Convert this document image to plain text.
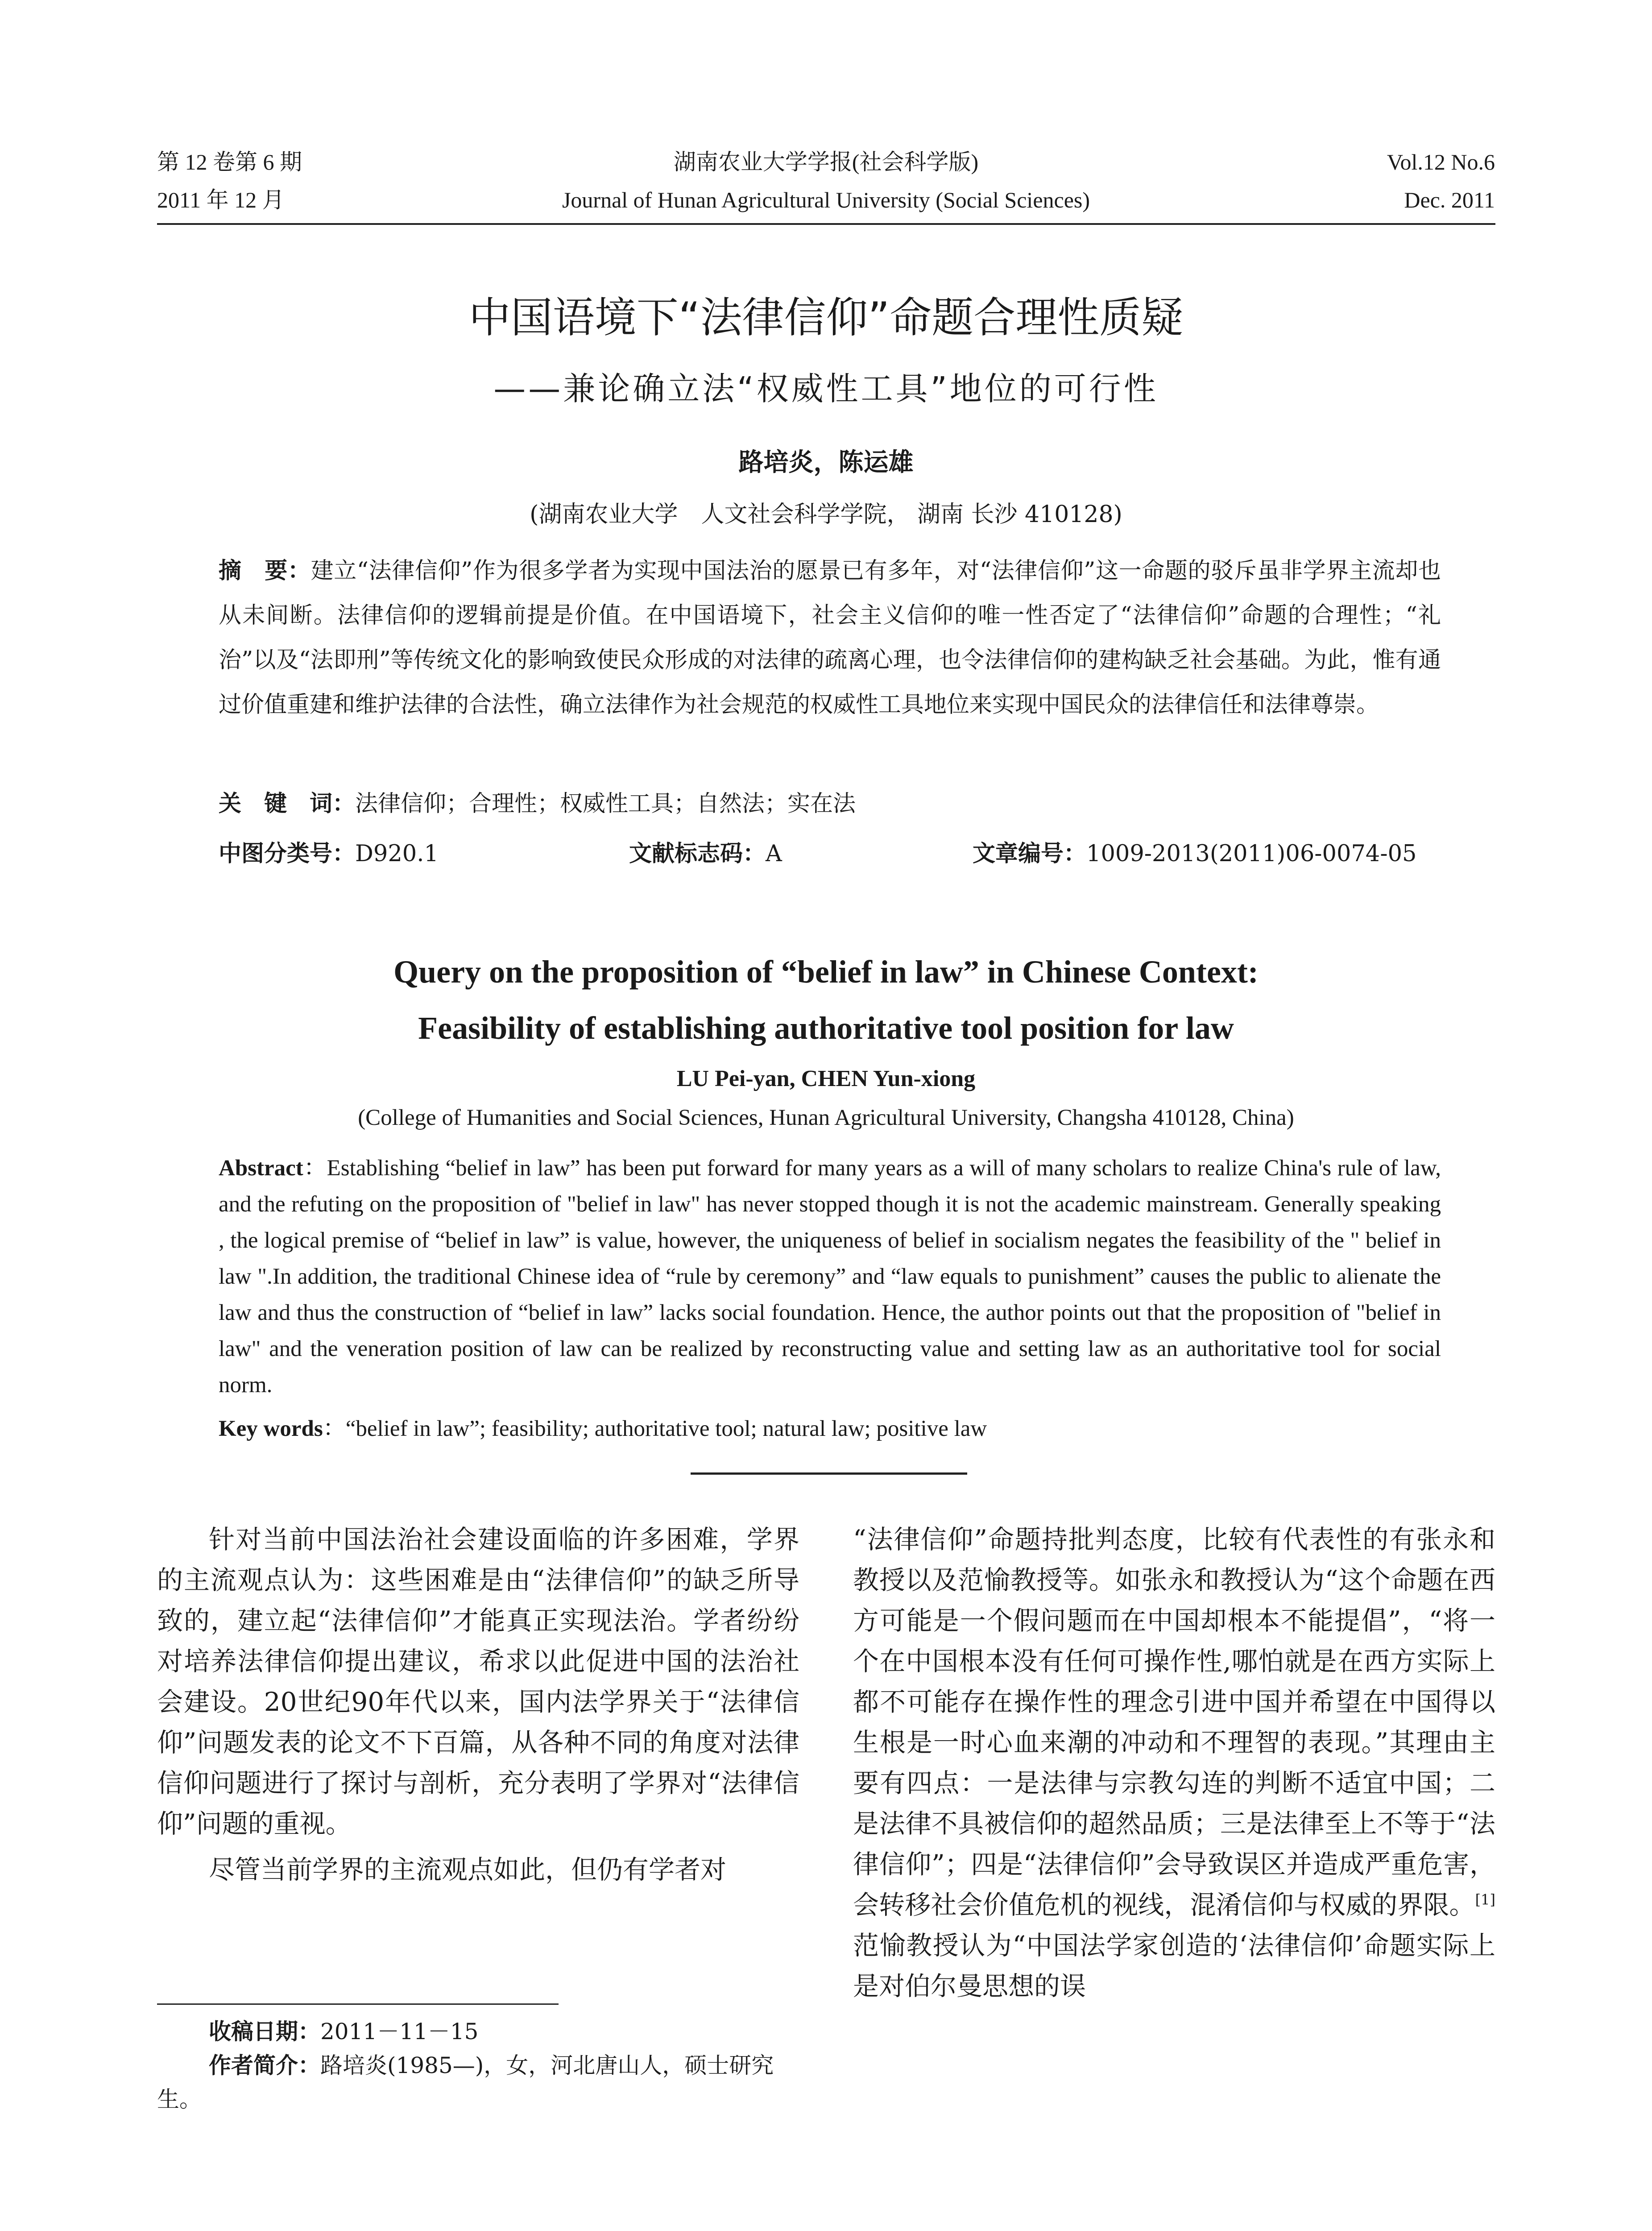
第 12 卷第 6 期
2011 年 12 月
湖南农业大学学报(社会科学版)
Journal of Hunan Agricultural University (Social Sciences)
Vol.12 No.6
Dec. 2011
中国语境下“法律信仰”命题合理性质疑
——兼论确立法“权威性工具”地位的可行性
路培炎，陈运雄
(湖南农业大学　人文社会科学学院， 湖南 长沙 410128)
摘　要：建立“法律信仰”作为很多学者为实现中国法治的愿景已有多年，对“法律信仰”这一命题的驳斥虽非学界主流却也从未间断。法律信仰的逻辑前提是价值。在中国语境下，社会主义信仰的唯一性否定了“法律信仰”命题的合理性；“礼治”以及“法即刑”等传统文化的影响致使民众形成的对法律的疏离心理，也令法律信仰的建构缺乏社会基础。为此，惟有通过价值重建和维护法律的合法性，确立法律作为社会规范的权威性工具地位来实现中国民众的法律信任和法律尊崇。
关　键　词：法律信仰；合理性；权威性工具；自然法；实在法
中图分类号：D920.1	文献标志码：A	文章编号：1009-2013(2011)06-0074-05
Query on the proposition of “belief in law” in Chinese Context:
Feasibility of establishing authoritative tool position for law
LU Pei-yan, CHEN Yun-xiong
(College of Humanities and Social Sciences, Hunan Agricultural University, Changsha 410128, China)
Abstract：Establishing “belief in law” has been put forward for many years as a will of many scholars to realize China's rule of law, and the refuting on the proposition of "belief in law" has never stopped though it is not the academic mainstream. Generally speaking , the logical premise of “belief in law” is value, however, the uniqueness of belief in socialism negates the feasibility of the " belief in law ".In addition, the traditional Chinese idea of “rule by ceremony” and “law equals to punishment” causes the public to alienate the law and thus the construction of “belief in law” lacks social foundation. Hence, the author points out that the proposition of "belief in law" and the veneration position of law can be realized by reconstructing value and setting law as an authoritative tool for social norm.
Key words：“belief in law”; feasibility; authoritative tool; natural law; positive law

针对当前中国法治社会建设面临的许多困难，学界的主流观点认为：这些困难是由“法律信仰”的缺乏所导致的，建立起“法律信仰”才能真正实现法治。学者纷纷对培养法律信仰提出建议，希求以此促进中国的法治社会建设。20世纪90年代以来，国内法学界关于“法律信仰”问题发表的论文不下百篇，从各种不同的角度对法律信仰问题进行了探讨与剖析，充分表明了学界对“法律信仰”问题的重视。

尽管当前学界的主流观点如此，但仍有学者对

收稿日期：2011－11－15
作者简介：路培炎(1985—)，女，河北唐山人，硕士研究生。

“法律信仰”命题持批判态度，比较有代表性的有张永和教授以及范愉教授等。如张永和教授认为“这个命题在西方可能是一个假问题而在中国却根本不能提倡”，“将一个在中国根本没有任何可操作性,哪怕就是在西方实际上都不可能存在操作性的理念引进中国并希望在中国得以生根是一时心血来潮的冲动和不理智的表现。”其理由主要有四点：一是法律与宗教勾连的判断不适宜中国；二是法律不具被信仰的超然品质；三是法律至上不等于“法律信仰”；四是“法律信仰”会导致误区并造成严重危害，会转移社会价值危机的视线，混淆信仰与权威的界限。[1]范愉教授认为“中国法学家创造的‘法律信仰’命题实际上是对伯尔曼思想的误
